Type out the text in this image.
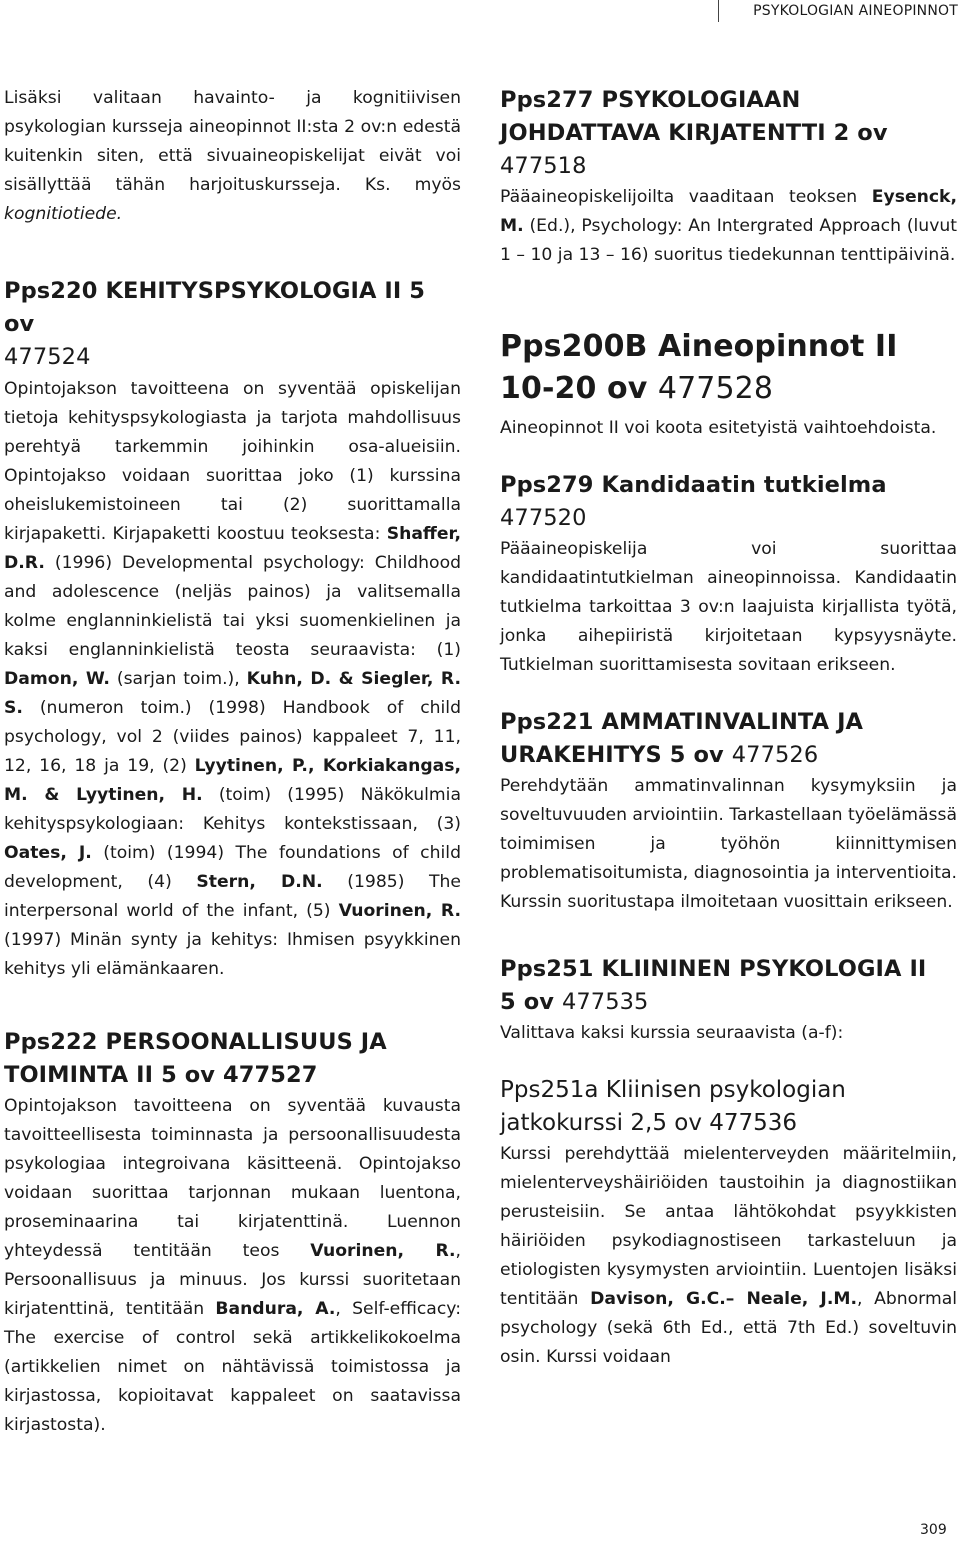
PSYKOLOGIAN AINEOPINNOT

Lisäksi valitaan havainto- ja kognitiivisen psykologian kursseja aineopinnot II:sta 2 ov:n edestä kuitenkin siten, että sivuaineopiskelijat eivät voi sisällyttää tähän harjoituskursseja. Ks. myös kognitiotiede.

Pps220 KEHITYSPSYKOLOGIA II 5 ov
477524

Opintojakson tavoitteena on syventää opiskelijan tietoja kehityspsykologiasta ja tarjota mahdollisuus perehtyä tarkemmin joihinkin osa-alueisiin. Opintojakso voidaan suorittaa joko (1) kurssina oheislukemistoineen tai (2) suorittamalla kirjapaketti. Kirjapaketti koostuu teoksesta: Shaffer, D.R. (1996) Developmental psychology: Childhood and adolescence (neljäs painos) ja valitsemalla kolme englanninkielistä tai yksi suomenkielinen ja kaksi englanninkielistä teosta seuraavista: (1) Damon, W. (sarjan toim.), Kuhn, D. & Siegler, R. S. (numeron toim.) (1998) Handbook of child psychology, vol 2 (viides painos) kappaleet 7, 11, 12, 16, 18 ja 19, (2) Lyytinen, P., Korkiakangas, M. & Lyytinen, H. (toim) (1995) Näkökulmia kehityspsykologiaan: Kehitys kontekstissaan, (3) Oates, J. (toim) (1994) The foundations of child development, (4) Stern, D.N. (1985) The interpersonal world of the infant, (5) Vuorinen, R. (1997) Minän synty ja kehitys: Ihmisen psyykkinen kehitys yli elämänkaaren.

Pps222 PERSOONALLISUUS JA
TOIMINTA II 5 ov 477527

Opintojakson tavoitteena on syventää kuvausta tavoitteellisesta toiminnasta ja persoonallisuudesta psykologiaa integroivana käsitteenä. Opintojakso voidaan suorittaa tarjonnan mukaan luentona, proseminaarina tai kirjatenttinä. Luennon yhteydessä tentitään teos Vuorinen, R., Persoonallisuus ja minuus. Jos kurssi suoritetaan kirjatenttinä, tentitään Bandura, A., Self-efficacy: The exercise of control sekä artikkelikokoelma (artikkelien nimet on nähtävissä toimistossa ja kirjastossa, kopioitavat kappaleet on saatavissa kirjastosta).

Pps277 PSYKOLOGIAAN
JOHDATTAVA KIRJATENTTI 2 ov
477518

Pääaineopiskelijoilta vaaditaan teoksen Eysenck, M. (Ed.), Psychology: An Intergrated Approach (luvut 1 – 10 ja 13 – 16) suoritus tiedekunnan tenttipäivinä.

Pps200B Aineopinnot II
10-20 ov 477528

Aineopinnot II voi koota esitetyistä vaihtoehdoista.

Pps279 Kandidaatin tutkielma
477520

Pääaineopiskelija voi suorittaa kandidaatintutkielman aineopinnoissa. Kandidaatin tutkielma tarkoittaa 3 ov:n laajuista kirjallista työtä, jonka aihepiiristä kirjoitetaan kypsyysnäyte. Tutkielman suorittamisesta sovitaan erikseen.

Pps221 AMMATINVALINTA JA
URAKEHITYS 5 ov 477526

Perehdytään ammatinvalinnan kysymyksiin ja soveltuvuuden arviointiin. Tarkastellaan työelämässä toimimisen ja työhön kiinnittymisen problematisoitumista, diagnosointia ja interventioita. Kurssin suoritustapa ilmoitetaan vuosittain erikseen.

Pps251 KLIININEN PSYKOLOGIA II
5 ov 477535

Valittava kaksi kurssia seuraavista (a-f):

Pps251a Kliinisen psykologian
jatkokurssi 2,5 ov 477536

Kurssi perehdyttää mielenterveyden määritelmiin, mielenterveyshäiriöiden taustoihin ja diagnostiikan perusteisiin. Se antaa lähtökohdat psyykkisten häiriöiden psykodiagnostiseen tarkasteluun ja etiologisten kysymysten arviointiin. Luentojen lisäksi tentitään Davison, G.C.– Neale, J.M., Abnormal psychology (sekä 6th Ed., että 7th Ed.) soveltuvin osin. Kurssi voidaan

309
